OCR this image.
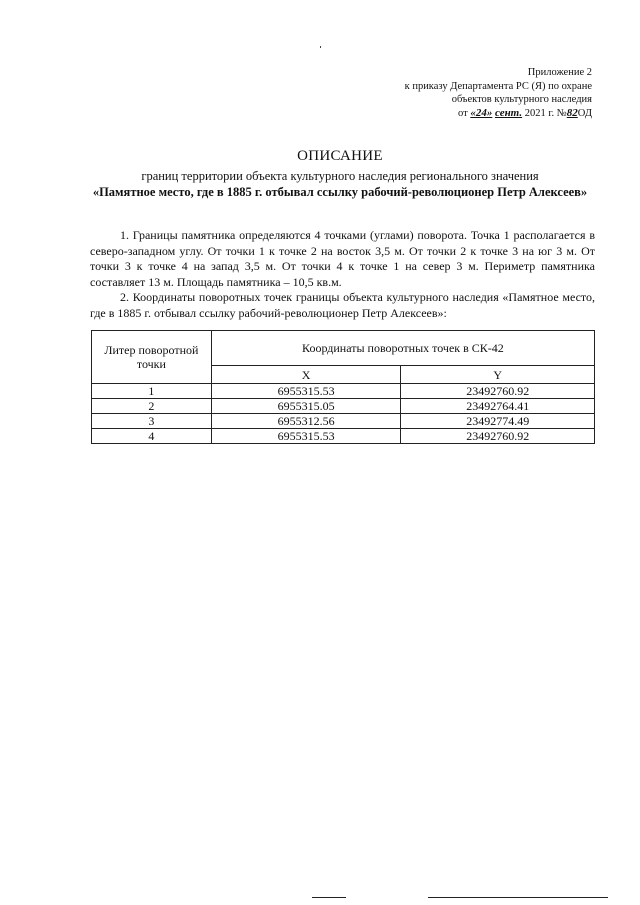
Приложение 2
к приказу Департамента РС (Я) по охране
объектов культурного наследия
от «24» сент. 2021 г. №82ОД
ОПИСАНИЕ
границ территории объекта культурного наследия регионального значения
«Памятное место, где в 1885 г. отбывал ссылку рабочий-революционер Петр Алексеев»

1. Границы памятника определяются 4 точками (углами) поворота. Точка 1 располагается в северо-западном углу. От точки 1 к точке 2 на восток 3,5 м. От точки 2 к точке 3 на юг 3 м. От точки 3 к точке 4 на запад 3,5 м. От точки 4 к точке 1 на север 3 м. Периметр памятника составляет 13 м. Площадь памятника – 10,5 кв.м.

2. Координаты поворотных точек границы объекта культурного наследия «Памятное место, где в 1885 г. отбывал ссылку рабочий-революционер Петр Алексеев»:

Литер поворотной точки	Координаты поворотных точек в СК-42	
	X	Y
1	6955315.53	23492760.92
2	6955315.05	23492764.41
3	6955312.56	23492774.49
4	6955315.53	23492760.92
